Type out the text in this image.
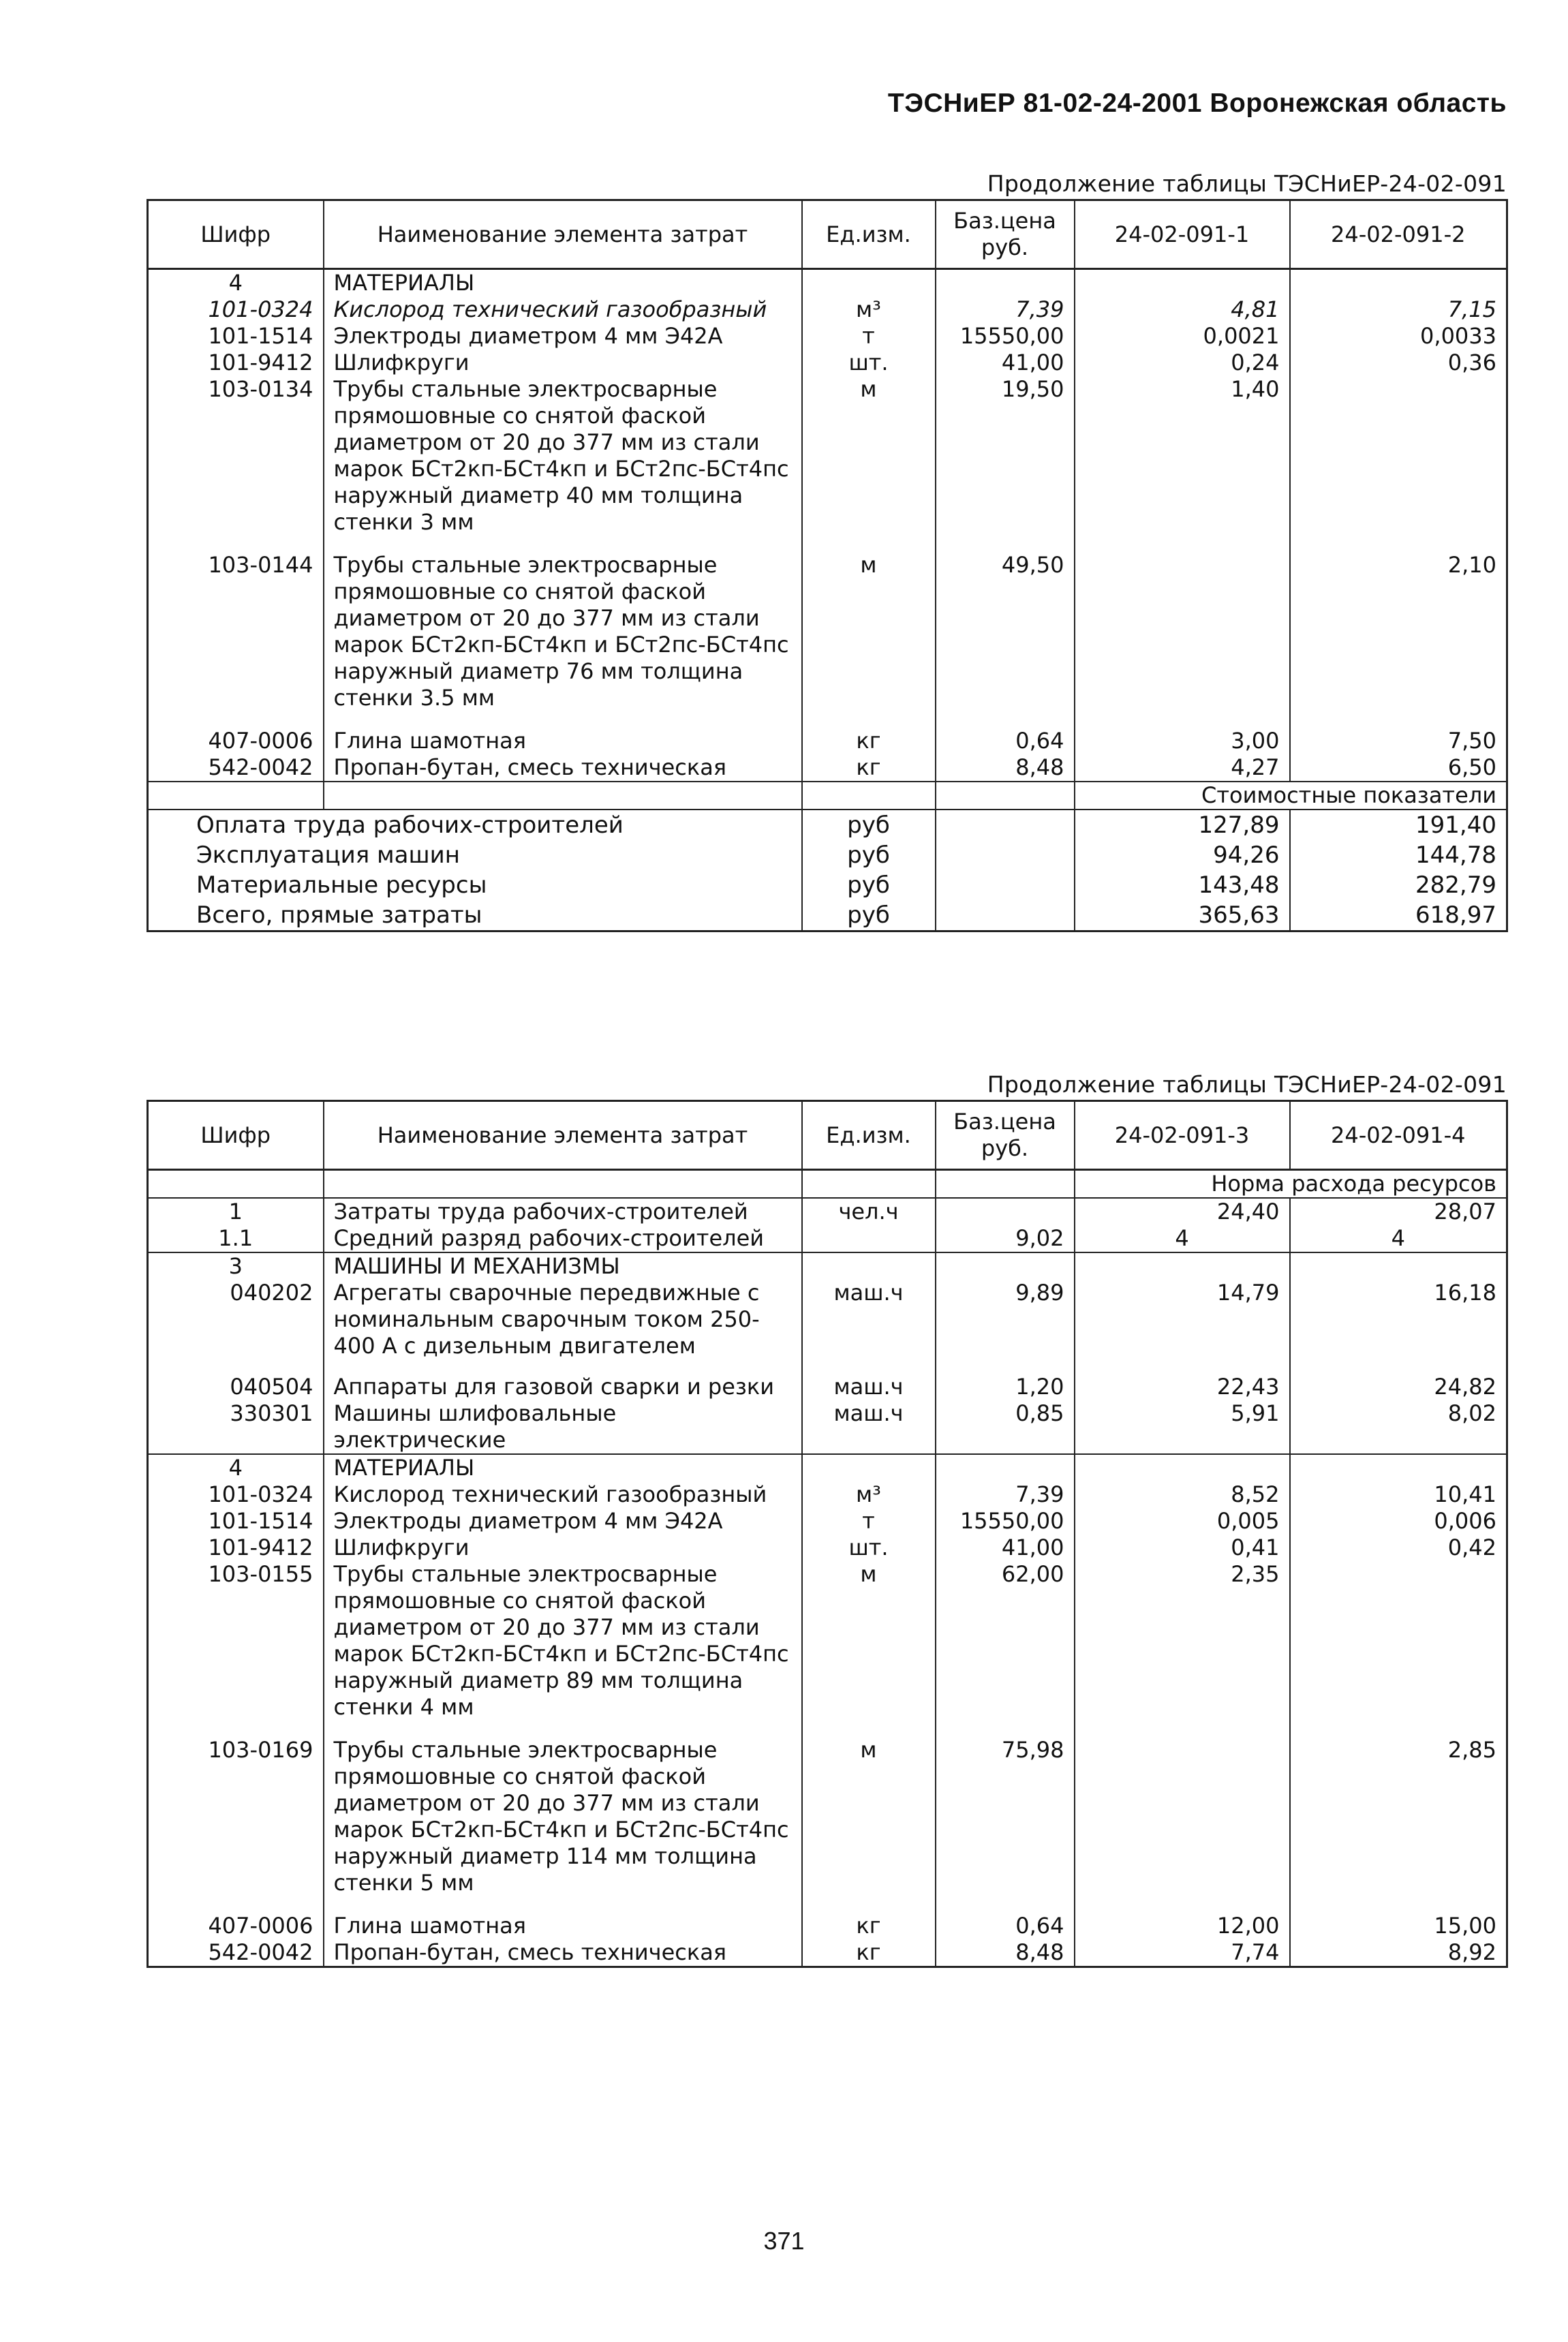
ТЭСНиЕР 81-02-24-2001 Воронежская область
Продолжение таблицы ТЭСНиЕР-24-02-091
Шифр	Наименование элемента затрат	Ед.изм.	Баз.цена руб.	24-02-091-1	24-02-091-2
4	МАТЕРИАЛЫ				
101-0324	Кислород технический газообразный	м³	7,39	4,81	7,15
101-1514	Электроды диаметром 4 мм Э42А	т	15550,00	0,0021	0,0033
101-9412	Шлифкруги	шт.	41,00	0,24	0,36
103-0134	Трубы стальные электросварные прямошовные со снятой фаской диаметром от 20 до 377 мм из стали марок БСт2кп-БСт4кп и БСт2пс-БСт4пс наружный диаметр 40 мм толщина стенки 3 мм	м	19,50	1,40	
103-0144	Трубы стальные электросварные прямошовные со снятой фаской диаметром от 20 до 377 мм из стали марок БСт2кп-БСт4кп и БСт2пс-БСт4пс наружный диаметр 76 мм толщина стенки 3.5 мм	м	49,50		2,10
407-0006	Глина шамотная	кг	0,64	3,00	7,50
542-0042	Пропан-бутан, смесь техническая	кг	8,48	4,27	6,50
				Стоимостные показатели	
Оплата труда рабочих-строителей		руб		127,89	191,40
Эксплуатация машин		руб		94,26	144,78
Материальные ресурсы		руб		143,48	282,79
Всего, прямые затраты		руб		365,63	618,97
Продолжение таблицы ТЭСНиЕР-24-02-091
Шифр	Наименование элемента затрат	Ед.изм.	Баз.цена руб.	24-02-091-3	24-02-091-4
				Норма расхода ресурсов	
1	Затраты труда рабочих-строителей	чел.ч		24,40	28,07
1.1	Средний разряд рабочих-строителей		9,02	4	4
3	МАШИНЫ И МЕХАНИЗМЫ				
040202	Агрегаты сварочные передвижные с номинальным сварочным током 250-400 А с дизельным двигателем	маш.ч	9,89	14,79	16,18
040504	Аппараты для газовой сварки и резки	маш.ч	1,20	22,43	24,82
330301	Машины шлифовальные электрические	маш.ч	0,85	5,91	8,02
4	МАТЕРИАЛЫ				
101-0324	Кислород технический газообразный	м³	7,39	8,52	10,41
101-1514	Электроды диаметром 4 мм Э42А	т	15550,00	0,005	0,006
101-9412	Шлифкруги	шт.	41,00	0,41	0,42
103-0155	Трубы стальные электросварные прямошовные со снятой фаской диаметром от 20 до 377 мм из стали марок БСт2кп-БСт4кп и БСт2пс-БСт4пс наружный диаметр 89 мм толщина стенки 4 мм	м	62,00	2,35	
103-0169	Трубы стальные электросварные прямошовные со снятой фаской диаметром от 20 до 377 мм из стали марок БСт2кп-БСт4кп и БСт2пс-БСт4пс наружный диаметр 114 мм толщина стенки 5 мм	м	75,98		2,85
407-0006	Глина шамотная	кг	0,64	12,00	15,00
542-0042	Пропан-бутан, смесь техническая	кг	8,48	7,74	8,92
371
